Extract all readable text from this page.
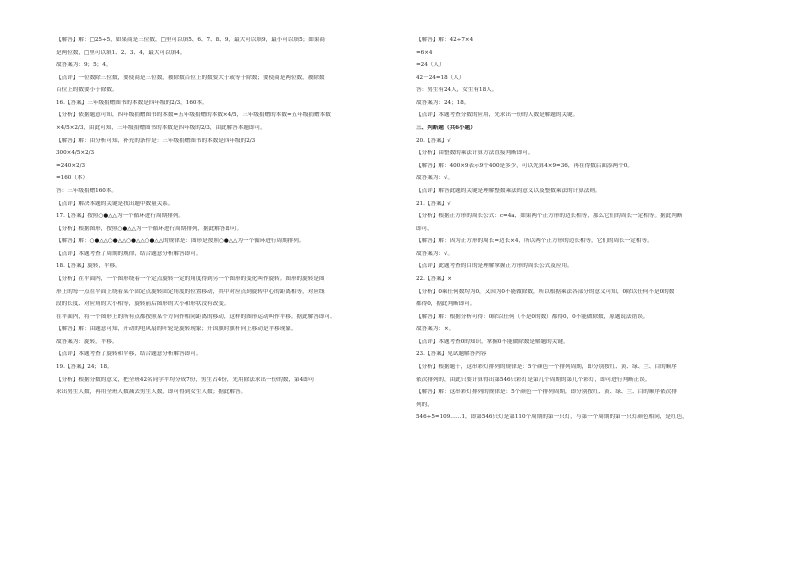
【解答】解：□25÷5，如果商是三位数，□里可以填5、6、7、8、9，最大可以填9，最小可以填5；如果商
是两位数，□里可以填1、2、3、4，最大可以填4。
故答案为：9；5；4。
【点评】一位数除三位数，要使商是三位数，被除数百位上的数要大于或等于除数；要使商是两位数，被除数
百位上的数要小于除数。
16.【答案】三年级捐赠图书的本数是四年级的2/3，160本。
【分析】依据题意可知，四年级捐赠图书的本数=五年级捐赠的本数×4/5，三年级捐赠的本数=五年级捐赠本数
×4/5×2/3，由此可知，三年级捐赠图书的本数是四年级的2/3，由此解答本题即可。
【解答】解：由分析可知，补充的条件是：三年级捐赠图书的本数是四年级的2/3
300×4/5×2/3
=240×2/3
=160（本）
答：三年级捐赠160本。
【点评】解决本题的关键是找出题中数量关系。
17.【答案】按照○●△△为一个循环进行周期排列。
【分析】根据图形，按照○●△△为一个循环进行周期排列，据此解答即可。
【解答】解：○●△△○●△△○●△△○●△△的规律是：图形是按照○●△△为一个循环进行周期排列。
【点评】本题考查了周期的规律，结合题意分析解答即可。
18.【答案】旋转，平移。
【分析】在平面内，一个图形绕着一个定点旋转一定的角度得到另一个图形的变化叫作旋转。图形的旋转是图
形上的每一点在平面上绕着某个固定点旋转固定角度的位置移动，其中对应点到旋转中心的距离相等，对应线
段的长度、对应角的大小相等，旋转前后图形的大小和形状没有改变。
在平面内，将一个图形上的所有点都按照某个方向作相同距离的移动，这样的图形运动叫作平移。据此解答即可。
【解答】解：由题意可知，开动的电风扇的叶轮是旋转现象；升国旗时旗杆向上移动是平移现象。
故答案为：旋转，平移。
【点评】本题考查了旋转和平移，结合题意分析解答即可。
19.【答案】24；18。
【分析】根据分数的意义，把全班42名同学平均分成7份，男生占4份，先用除法求出一份的数，第4即可
求出男生人数，再用全班人数减去男生人数，即可得到女生人数；据此解答。
【解答】解：42÷7×4
=6×4
=24（人）
42－24=18（人）
答：男生有24人，女生有18人。
故答案为：24；18。
【点评】本题考查分数的应用，先求出一份的人数是解题的关键。
三、判断题（共6小题）
20.【答案】√
【分析】由整数的乘法计算方法直接判断即可。
【解答】解：400×9表示9个400是多少，可以先算4×9=36，再在得数后面添两个0。
故答案为：√。
【点评】解答此题的关键是理解整数乘法的意义以及整数乘法的计算法则。
21.【答案】√
【分析】根据正方形的周长公式：c=4a，如果两个正方形的边长相等，那么它们的周长一定相等。据此判断
即可。
【解答】解：因为正方形的周长=边长×4，所以两个正方形的边长相等，它们的周长一定相等。
故答案为：√。
【点评】此题考查的目的是理解掌握正方形的周长公式及应用。
22.【答案】×
【分析】0乘任何数均为0，又因为0不能做除数，所以根据乘法各部分的意义可知，0除以任何不是0的数
都得0，据此判断即可。
【解答】解：根据分析可得：0除以任何（不是0的数）都得0，0不能做除数，原题说法错误。
故答案为：×。
【点评】本题考查0的知识，掌握0不能做除数是解题的关键。
23.【答案】见试题解答内容
【分析】根据题干，这串彩灯排列的规律是：5个颜色一个排列周期，即分别按红、黄、绿、兰、白的顺序
依次排列的，由此只要计算得出第546只彩灯是第几个周期的第几个彩灯，即可进行判断正误。
【解答】解：这串彩灯排列的规律是：5个颜色一个排列周期，即分别按红、黄、绿、兰、白的顺序依次排
列的，
546÷5=109……1，即第546只灯是第110个周期的第一只灯，与第一个周期的第一只灯颜色相同，是红色，
